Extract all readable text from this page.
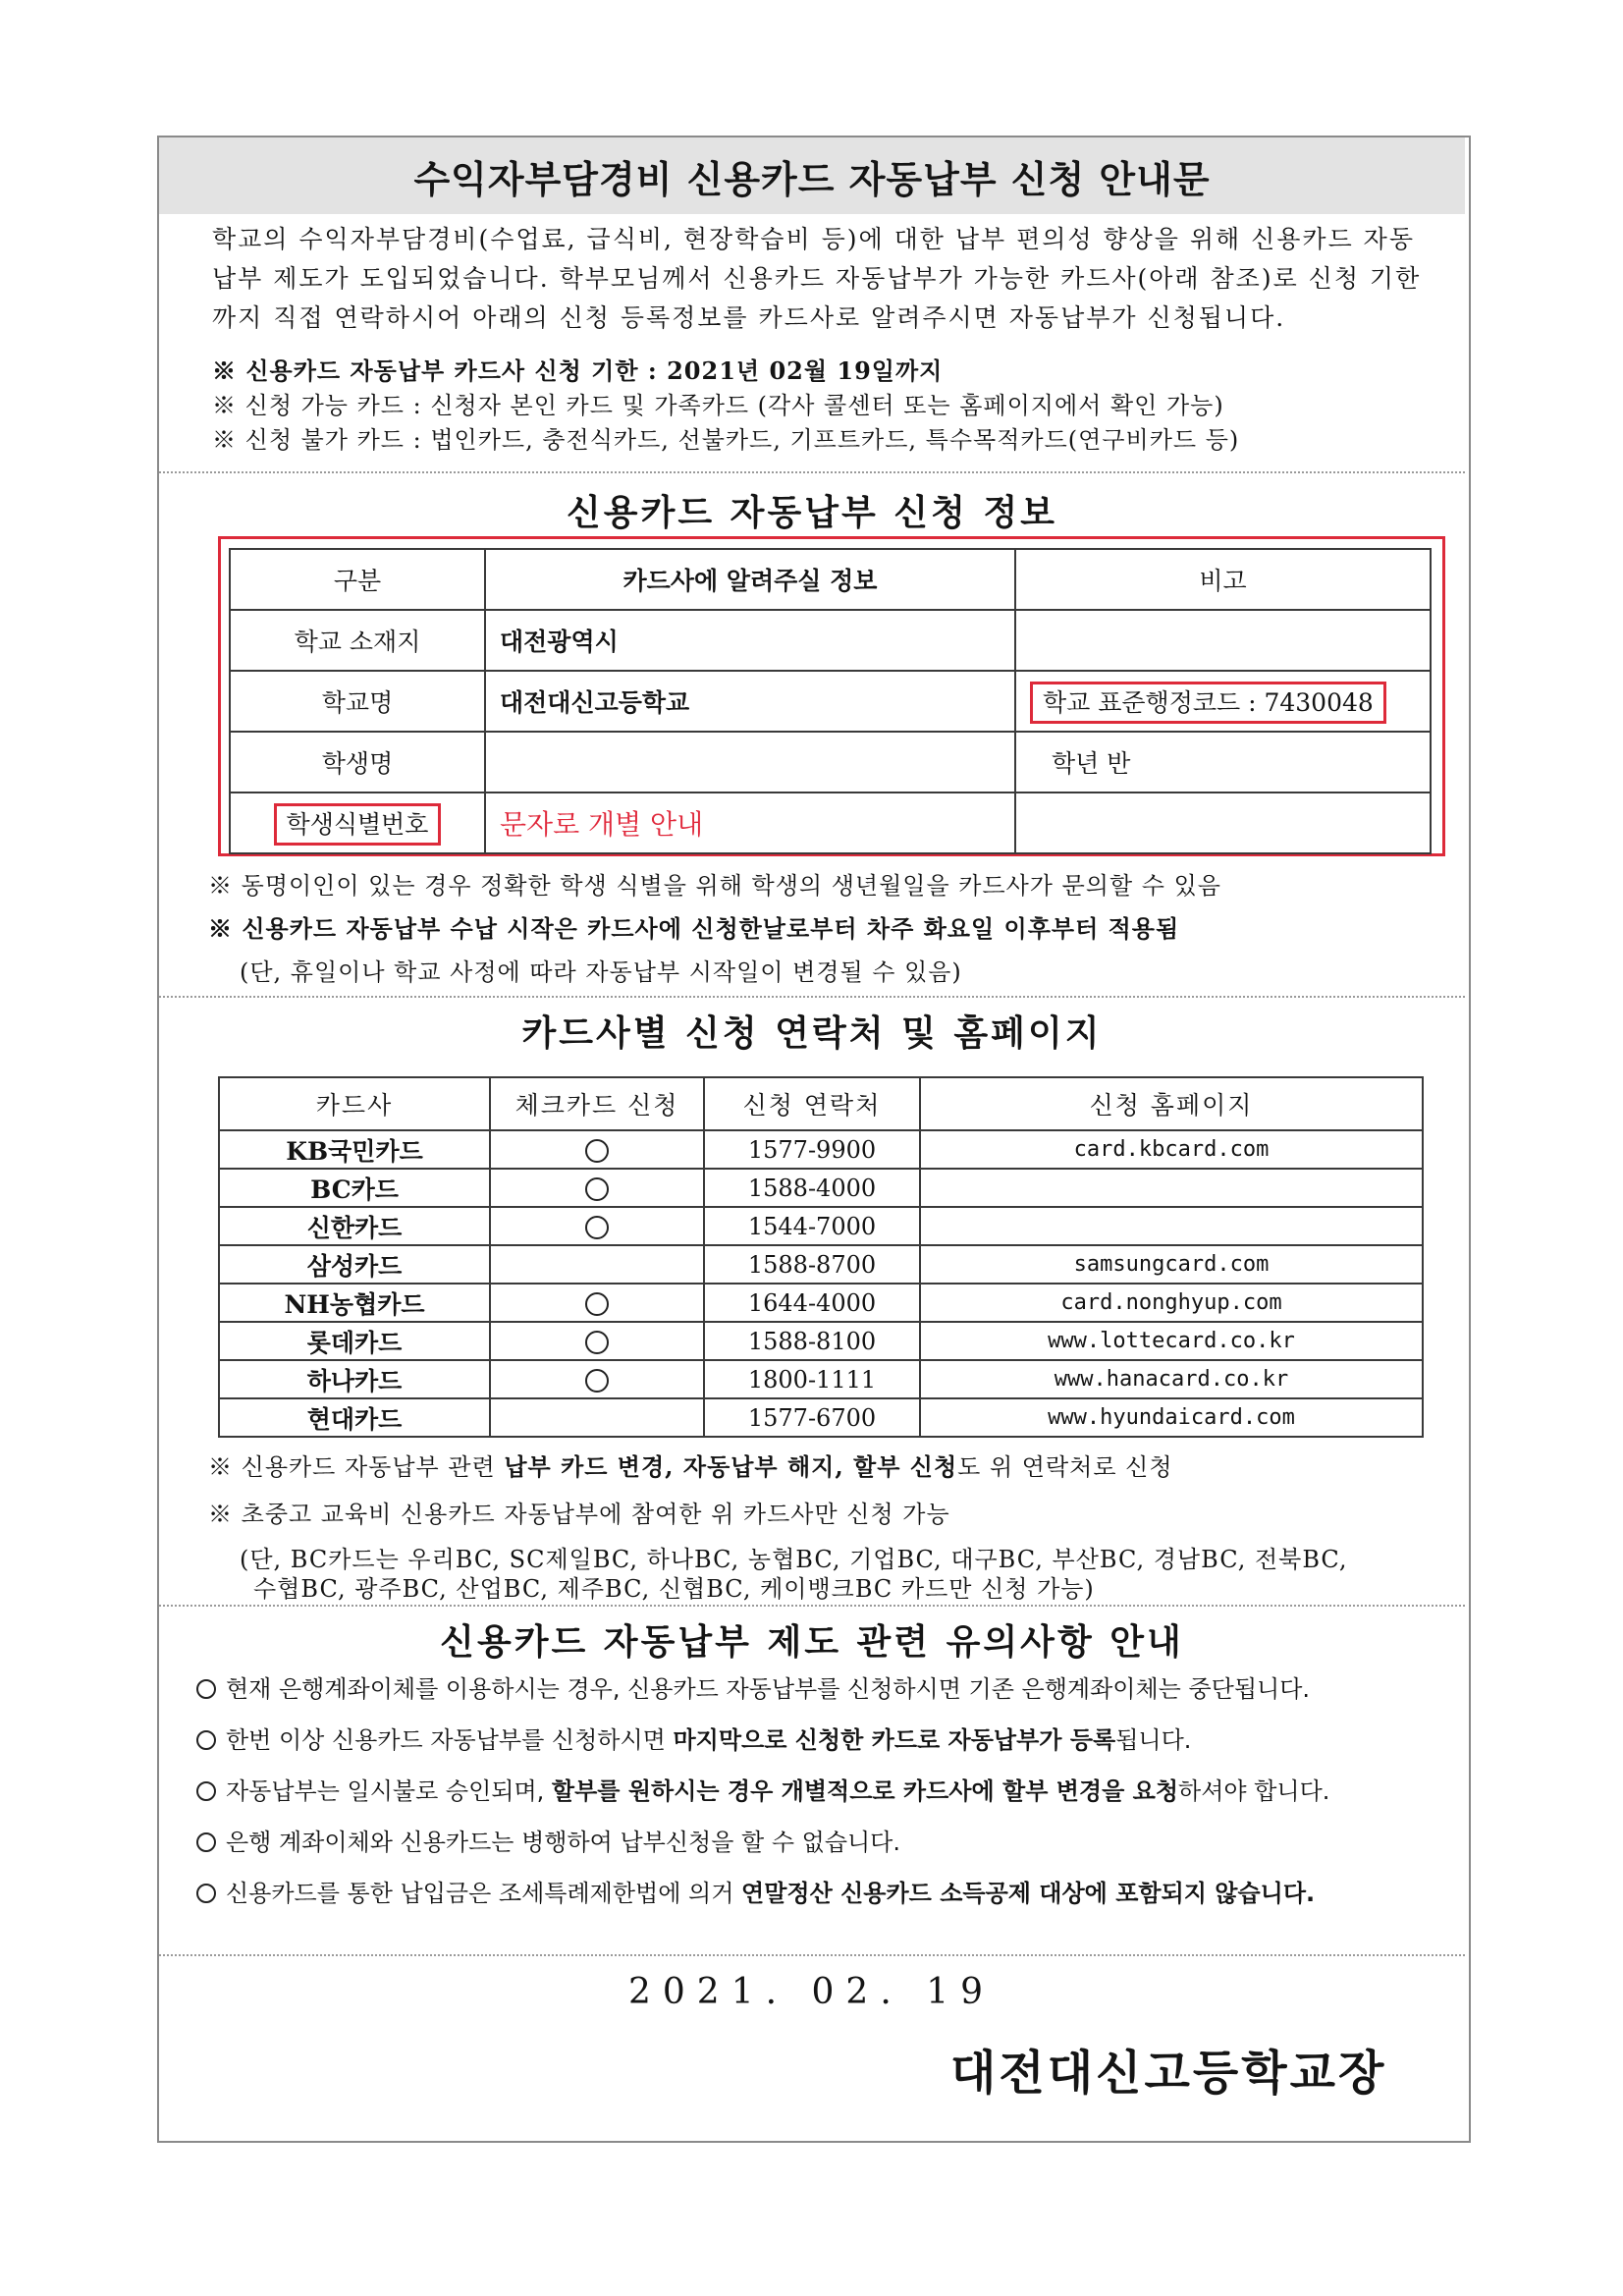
수익자부담경비 신용카드 자동납부 신청 안내문
학교의 수익자부담경비(수업료, 급식비, 현장학습비 등)에 대한 납부 편의성 향상을 위해 신용카드 자동납부 제도가 도입되었습니다. 학부모님께서 신용카드 자동납부가 가능한 카드사(아래 참조)로 신청 기한까지 직접 연락하시어 아래의 신청 등록정보를 카드사로 알려주시면 자동납부가 신청됩니다.
※ 신용카드 자동납부 카드사 신청 기한 : 2021년 02월 19일까지
※ 신청 가능 카드 : 신청자 본인 카드 및 가족카드 (각사 콜센터 또는 홈페이지에서 확인 가능)
※ 신청 불가 카드 : 법인카드, 충전식카드, 선불카드, 기프트카드, 특수목적카드(연구비카드 등)
신용카드 자동납부 신청 정보
구분	카드사에 알려주실 정보	비고
학교 소재지	대전광역시	
학교명	대전대신고등학교	학교 표준행정코드 : 7430048
학생명		학년 반
학생식별번호	문자로 개별 안내	
※ 동명이인이 있는 경우 정확한 학생 식별을 위해 학생의 생년월일을 카드사가 문의할 수 있음
※ 신용카드 자동납부 수납 시작은 카드사에 신청한날로부터 차주 화요일 이후부터 적용됨
(단, 휴일이나 학교 사정에 따라 자동납부 시작일이 변경될 수 있음)
카드사별 신청 연락처 및 홈페이지
카드사	체크카드 신청	신청 연락처	신청 홈페이지
KB국민카드		1577-9900	card.kbcard.com
BC카드		1588-4000	
신한카드		1544-7000	
삼성카드		1588-8700	samsungcard.com
NH농협카드		1644-4000	card.nonghyup.com
롯데카드		1588-8100	www.lottecard.co.kr
하나카드		1800-1111	www.hanacard.co.kr
현대카드		1577-6700	www.hyundaicard.com
※ 신용카드 자동납부 관련 납부 카드 변경, 자동납부 해지, 할부 신청도 위 연락처로 신청
※ 초중고 교육비 신용카드 자동납부에 참여한 위 카드사만 신청 가능
(단, BC카드는 우리BC, SC제일BC, 하나BC, 농협BC, 기업BC, 대구BC, 부산BC, 경남BC, 전북BC,
수협BC, 광주BC, 산업BC, 제주BC, 신협BC, 케이뱅크BC 카드만 신청 가능)
신용카드 자동납부 제도 관련 유의사항 안내
현재 은행계좌이체를 이용하시는 경우, 신용카드 자동납부를 신청하시면 기존 은행계좌이체는 중단됩니다.
한번 이상 신용카드 자동납부를 신청하시면 마지막으로 신청한 카드로 자동납부가 등록됩니다.
자동납부는 일시불로 승인되며, 할부를 원하시는 경우 개별적으로 카드사에 할부 변경을 요청하셔야 합니다.
은행 계좌이체와 신용카드는 병행하여 납부신청을 할 수 없습니다.
신용카드를 통한 납입금은 조세특례제한법에 의거 연말정산 신용카드 소득공제 대상에 포함되지 않습니다.
2021. 02. 19
대전대신고등학교장
